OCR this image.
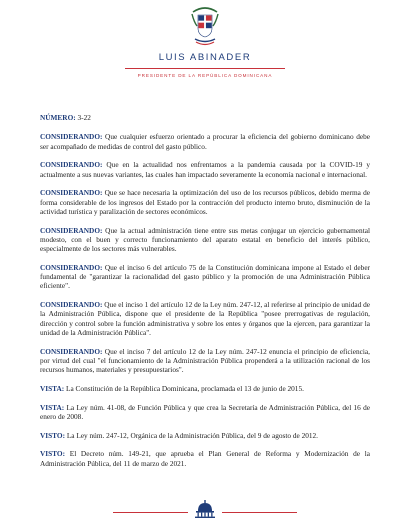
LUIS ABINADER
PRESIDENTE DE LA REPÚBLICA DOMINICANA

NÚMERO: 3-22

CONSIDERANDO: Que cualquier esfuerzo orientado a procurar la eficiencia del gobierno dominicano debe ser acompañado de medidas de control del gasto público.

CONSIDERANDO: Que en la actualidad nos enfrentamos a la pandemia causada por la COVID-19 y actualmente a sus nuevas variantes, las cuales han impactado severamente la economía nacional e internacional.

CONSIDERANDO: Que se hace necesaria la optimización del uso de los recursos públicos, debido merma de forma considerable de los ingresos del Estado por la contracción del producto interno bruto, disminución de la actividad turística y paralización de sectores económicos.

CONSIDERANDO: Que la actual administración tiene entre sus metas conjugar un ejercicio gubernamental modesto, con el buen y correcto funcionamiento del aparato estatal en beneficio del interés público, especialmente de los sectores más vulnerables.

CONSIDERANDO: Que el inciso 6 del artículo 75 de la Constitución dominicana impone al Estado el deber fundamental de "garantizar la racionalidad del gasto público y la promoción de una Administración Pública eficiente".

CONSIDERANDO: Que el inciso 1 del artículo 12 de la Ley núm. 247-12, al referirse al principio de unidad de la Administración Pública, dispone que el presidente de la República "posee prerrogativas de regulación, dirección y control sobre la función administrativa y sobre los entes y órganos que la ejercen, para garantizar la unidad de la Administración Pública".

CONSIDERANDO: Que el inciso 7 del artículo 12 de la Ley núm. 247-12 enuncia el principio de eficiencia, por virtud del cual "el funcionamiento de la Administración Pública propenderá a la utilización racional de los recursos humanos, materiales y presupuestarios".

VISTA: La Constitución de la República Dominicana, proclamada el 13 de junio de 2015.

VISTA: La Ley núm. 41-08, de Función Pública y que crea la Secretaría de Administración Pública, del 16 de enero de 2008.

VISTO: La Ley núm. 247-12, Orgánica de la Administración Pública, del 9 de agosto de 2012.

VISTO: El Decreto núm. 149-21, que aprueba el Plan General de Reforma y Modernización de la Administración Pública, del 11 de marzo de 2021.
